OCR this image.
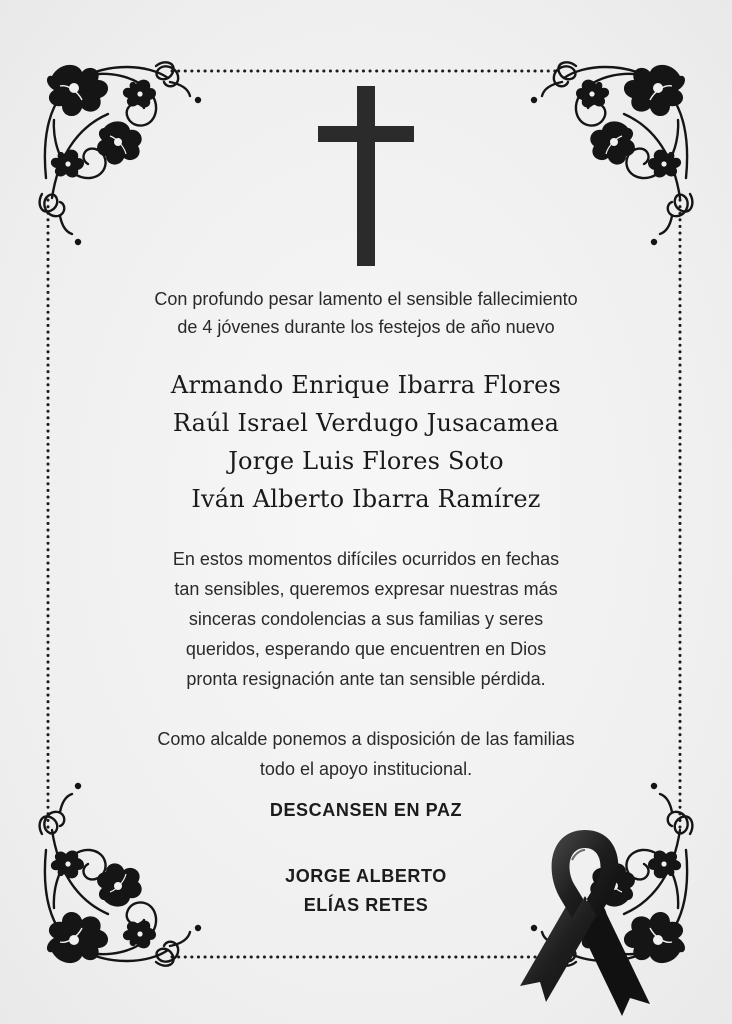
Con profundo pesar lamento el sensible fallecimiento
de 4 jóvenes durante los festejos de año nuevo
Armando Enrique Ibarra Flores
Raúl Israel Verdugo Jusacamea
Jorge Luis Flores Soto
Iván Alberto Ibarra Ramírez
En estos momentos difíciles ocurridos en fechas
tan sensibles, queremos expresar nuestras más
sinceras condolencias a sus familias y seres
queridos, esperando que encuentren en Dios
pronta resignación ante tan sensible pérdida.
Como alcalde ponemos a disposición de las familias
todo el apoyo institucional.
DESCANSEN EN PAZ
JORGE ALBERTO
ELÍAS RETES
